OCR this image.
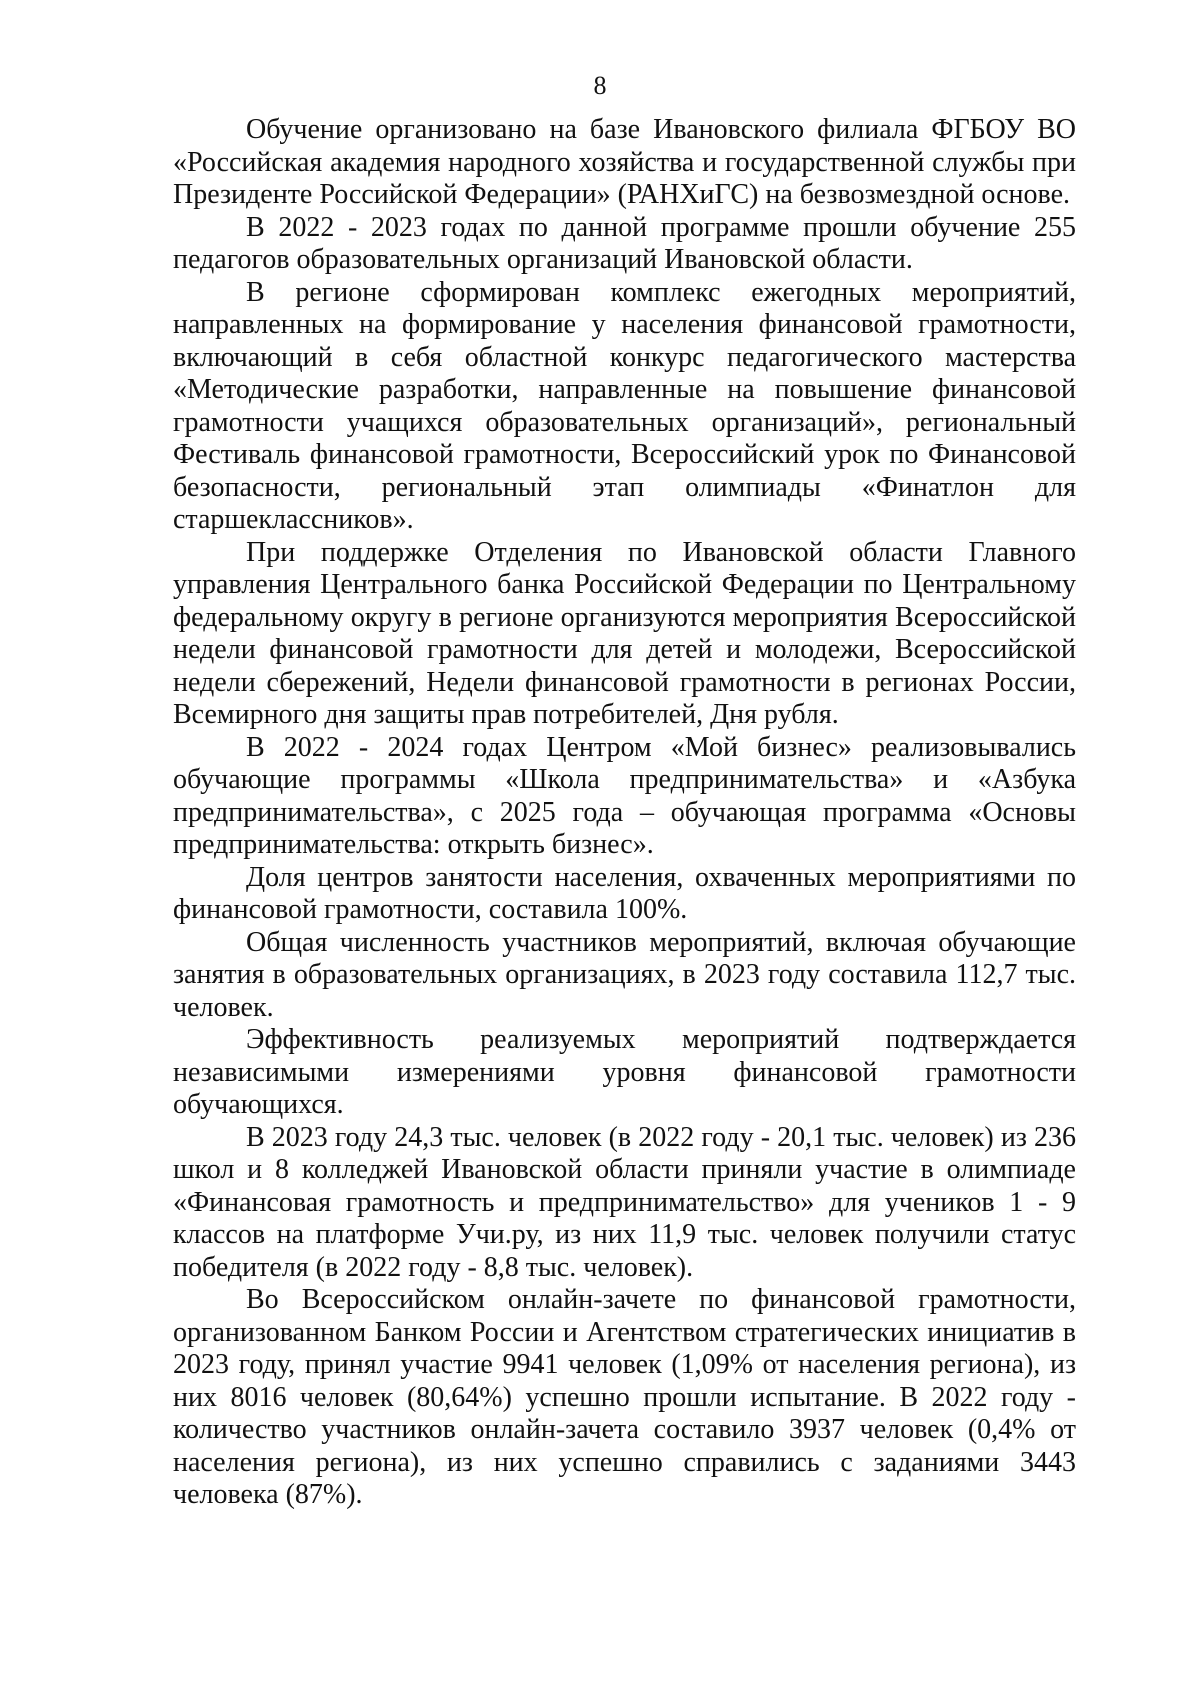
8

Обучение организовано на базе Ивановского филиала ФГБОУ ВО «Российская академия народного хозяйства и государственной службы при Президенте Российской Федерации» (РАНХиГС) на безвозмездной основе.

В 2022 - 2023 годах по данной программе прошли обучение 255 педагогов образовательных организаций Ивановской области.

В регионе сформирован комплекс ежегодных мероприятий, направленных на формирование у населения финансовой грамотности, включающий в себя областной конкурс педагогического мастерства «Методические разработки, направленные на повышение финансовой грамотности учащихся образовательных организаций», региональный Фестиваль финансовой грамотности, Всероссийский урок по Финансовой безопасности, региональный этап олимпиады «Финатлон для старшеклассников».

При поддержке Отделения по Ивановской области Главного управления Центрального банка Российской Федерации по Центральному федеральному округу в регионе организуются мероприятия Всероссийской недели финансовой грамотности для детей и молодежи, Всероссийской недели сбережений, Недели финансовой грамотности в регионах России, Всемирного дня защиты прав потребителей, Дня рубля.

В 2022 - 2024 годах Центром «Мой бизнес» реализовывались обучающие программы «Школа предпринимательства» и «Азбука предпринимательства», с 2025 года – обучающая программа «Основы предпринимательства: открыть бизнес».

Доля центров занятости населения, охваченных мероприятиями по финансовой грамотности, составила 100%.

Общая численность участников мероприятий, включая обучающие занятия в образовательных организациях, в 2023 году составила 112,7 тыс. человек.

Эффективность реализуемых мероприятий подтверждается независимыми измерениями уровня финансовой грамотности обучающихся.

В 2023 году 24,3 тыс. человек (в 2022 году - 20,1 тыс. человек) из 236 школ и 8 колледжей Ивановской области приняли участие в олимпиаде «Финансовая грамотность и предпринимательство» для учеников 1 - 9 классов на платформе Учи.ру, из них 11,9 тыс. человек получили статус победителя (в 2022 году - 8,8 тыс. человек).

Во Всероссийском онлайн-зачете по финансовой грамотности, организованном Банком России и Агентством стратегических инициатив в 2023 году, принял участие 9941 человек (1,09% от населения региона), из них 8016 человек (80,64%) успешно прошли испытание. В 2022 году - количество участников онлайн-зачета составило 3937 человек (0,4% от населения региона), из них успешно справились с заданиями 3443 человека (87%).
